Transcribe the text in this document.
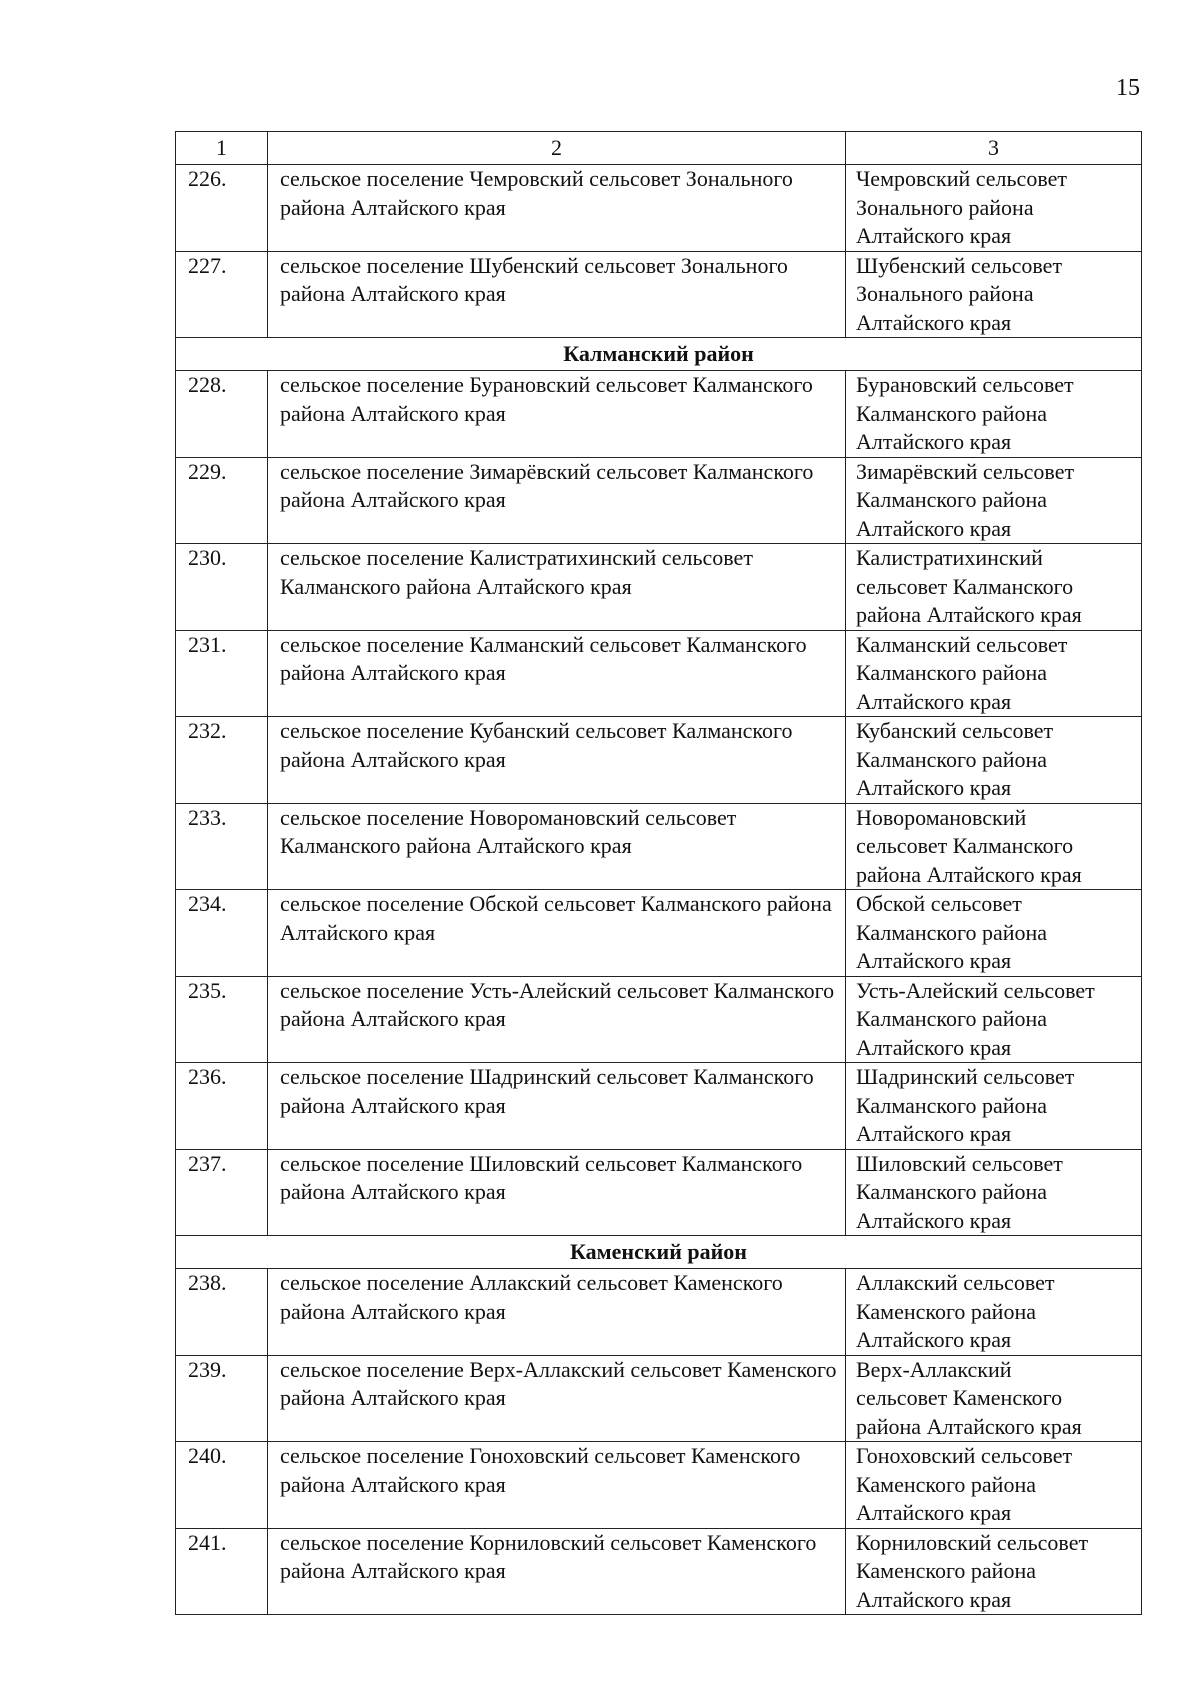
15
1	2	3
226.	сельское поселение Чемровский сельсовет Зонального района Алтайского края	Чемровский сельсовет
Зонального района
Алтайского края

227.	сельское поселение Шубенский сельсовет Зонального района Алтайского края	Шубенский сельсовет
Зонального района
Алтайского края

Калманский район		
228.	сельское поселение Бурановский сельсовет Калманского района Алтайского края	Бурановский сельсовет
Калманского района
Алтайского края

229.	сельское поселение Зимарёвский сельсовет Калманского района Алтайского края	Зимарёвский сельсовет
Калманского района
Алтайского края

230.	сельское поселение Калистратихинский сельсовет Калманского района Алтайского края	Калистратихинский
сельсовет Калманского
района Алтайского края

231.	сельское поселение Калманский сельсовет Калманского района Алтайского края	Калманский сельсовет
Калманского района
Алтайского края

232.	сельское поселение Кубанский сельсовет Калманского района Алтайского края	Кубанский сельсовет
Калманского района
Алтайского края

233.	сельское поселение Новоромановский сельсовет Калманского района Алтайского края	Новоромановский
сельсовет Калманского
района Алтайского края

234.	сельское поселение Обской сельсовет Калманского района Алтайского края	Обской сельсовет
Калманского района
Алтайского края

235.	сельское поселение Усть-Алейский сельсовет Калманского района Алтайского края	Усть-Алейский сельсовет
Калманского района
Алтайского края

236.	сельское поселение Шадринский сельсовет Калманского района Алтайского края	Шадринский сельсовет
Калманского района
Алтайского края

237.	сельское поселение Шиловский сельсовет Калманского района Алтайского края	Шиловский сельсовет
Калманского района
Алтайского края

Каменский район		
238.	сельское поселение Аллакский сельсовет Каменского района Алтайского края	Аллакский сельсовет
Каменского района
Алтайского края

239.	сельское поселение Верх-Аллакский сельсовет Каменского района Алтайского края	Верх-Аллакский
сельсовет Каменского
района Алтайского края

240.	сельское поселение Гоноховский сельсовет Каменского района Алтайского края	Гоноховский сельсовет
Каменского района
Алтайского края

241.	сельское поселение Корниловский сельсовет Каменского района Алтайского края	Корниловский сельсовет
Каменского района
Алтайского края
